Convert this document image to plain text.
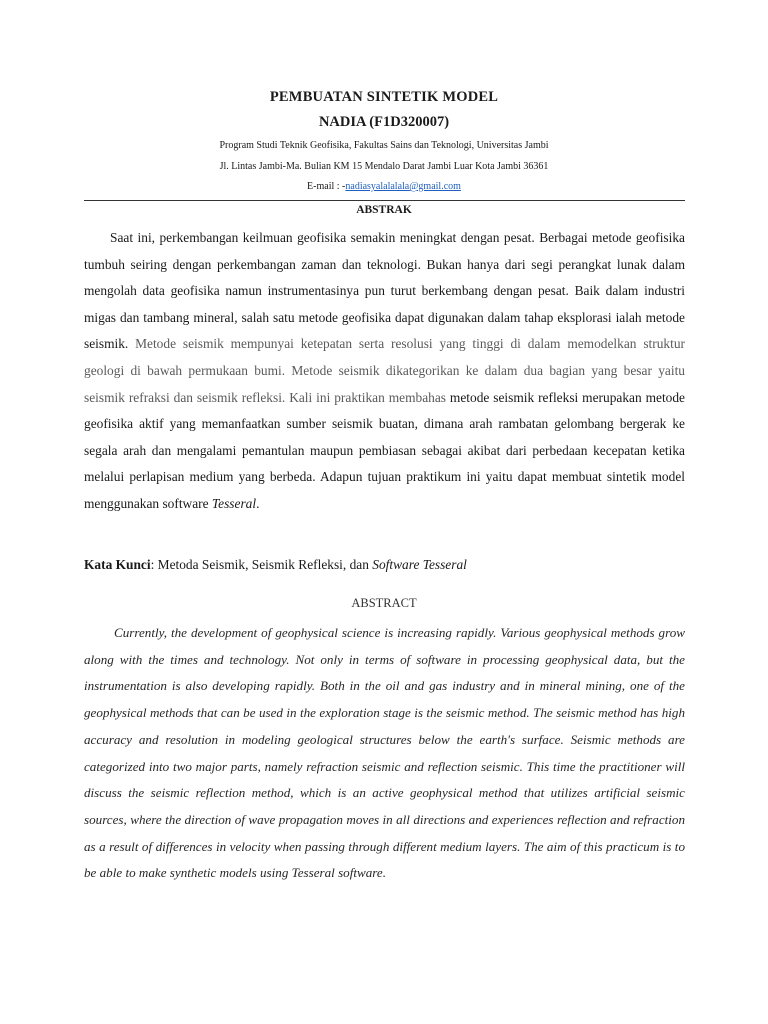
PEMBUATAN SINTETIK MODEL
NADIA (F1D320007)
Program Studi Teknik Geofisika, Fakultas Sains dan Teknologi, Universitas Jambi
Jl. Lintas Jambi-Ma. Bulian KM 15 Mendalo Darat Jambi Luar Kota Jambi 36361
E-mail : -nadiasyalalalala@gmail.com
ABSTRAK

Saat ini, perkembangan keilmuan geofisika semakin meningkat dengan pesat. Berbagai metode geofisika tumbuh seiring dengan perkembangan zaman dan teknologi. Bukan hanya dari segi perangkat lunak dalam mengolah data geofisika namun instrumentasinya pun turut berkembang dengan pesat. Baik dalam industri migas dan tambang mineral, salah satu metode geofisika dapat digunakan dalam tahap eksplorasi ialah metode seismik. Metode seismik mempunyai ketepatan serta resolusi yang tinggi di dalam memodelkan struktur geologi di bawah permukaan bumi. Metode seismik dikategorikan ke dalam dua bagian yang besar yaitu seismik refraksi dan seismik refleksi. Kali ini praktikan membahas metode seismik refleksi merupakan metode geofisika aktif yang memanfaatkan sumber seismik buatan, dimana arah rambatan gelombang bergerak ke segala arah dan mengalami pemantulan maupun pembiasan sebagai akibat dari perbedaan kecepatan ketika melalui perlapisan medium yang berbeda. Adapun tujuan praktikum ini yaitu dapat membuat sintetik model menggunakan software Tesseral.

Kata Kunci: Metoda Seismik, Seismik Refleksi, dan Software Tesseral
ABSTRACT

Currently, the development of geophysical science is increasing rapidly. Various geophysical methods grow along with the times and technology. Not only in terms of software in processing geophysical data, but the instrumentation is also developing rapidly. Both in the oil and gas industry and in mineral mining, one of the geophysical methods that can be used in the exploration stage is the seismic method. The seismic method has high accuracy and resolution in modeling geological structures below the earth's surface. Seismic methods are categorized into two major parts, namely refraction seismic and reflection seismic. This time the practitioner will discuss the seismic reflection method, which is an active geophysical method that utilizes artificial seismic sources, where the direction of wave propagation moves in all directions and experiences reflection and refraction as a result of differences in velocity when passing through different medium layers. The aim of this practicum is to be able to make synthetic models using Tesseral software.
